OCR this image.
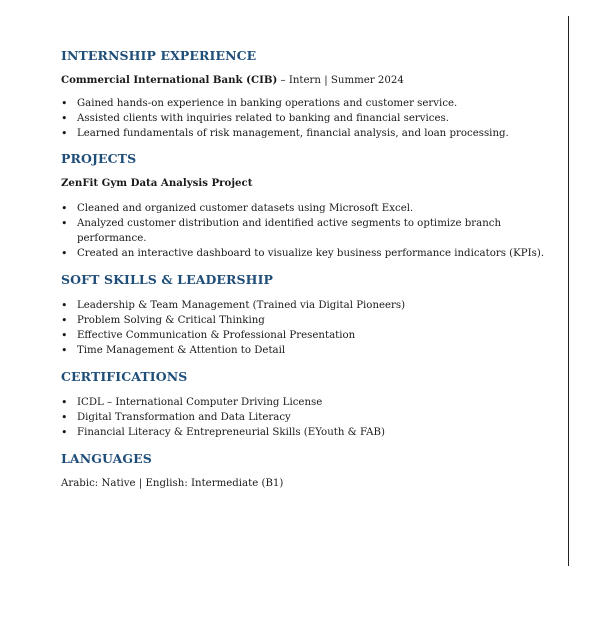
INTERNSHIP EXPERIENCE

Commercial International Bank (CIB) – Intern | Summer 2024

• Gained hands-on experience in banking operations and customer service.
• Assisted clients with inquiries related to banking and financial services.
• Learned fundamentals of risk management, financial analysis, and loan processing.
PROJECTS

ZenFit Gym Data Analysis Project

• Cleaned and organized customer datasets using Microsoft Excel.
• Analyzed customer distribution and identified active segments to optimize branch performance.
• Created an interactive dashboard to visualize key business performance indicators (KPIs).
SOFT SKILLS & LEADERSHIP
• Leadership & Team Management (Trained via Digital Pioneers)
• Problem Solving & Critical Thinking
• Effective Communication & Professional Presentation
• Time Management & Attention to Detail
CERTIFICATIONS
• ICDL – International Computer Driving License
• Digital Transformation and Data Literacy
• Financial Literacy & Entrepreneurial Skills (EYouth & FAB)
LANGUAGES

Arabic: Native | English: Intermediate (B1)
